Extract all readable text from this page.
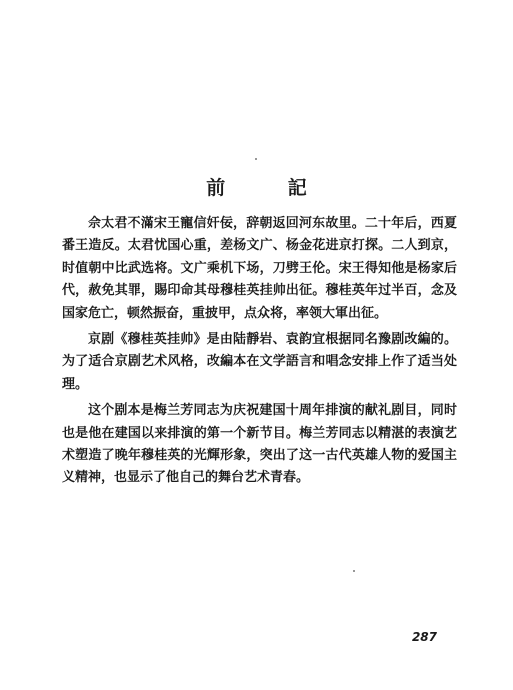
前 記

佘太君不滿宋王寵信奸佞，辞朝返回河东故里。二十年后，西夏番王造反。太君忧国心重，差杨文广、杨金花进京打探。二人到京，时值朝中比武选将。文广乘机下场，刀劈王伦。宋王得知他是杨家后代，赦免其罪，賜印命其母穆桂英挂帅出征。穆桂英年过半百，念及国家危亡，顿然振奋，重披甲，点众将，率领大軍出征。

京剧《穆桂英挂帅》是由陆靜岩、袁韵宜根据同名豫剧改編的。为了适合京剧艺术风格，改編本在文学語言和唱念安排上作了适当处理。

这个剧本是梅兰芳同志为庆祝建国十周年排演的献礼剧目，同时也是他在建国以来排演的第一个新节目。梅兰芳同志以精湛的表演艺术塑造了晚年穆桂英的光輝形象，突出了这一古代英雄人物的爱国主义精神，也显示了他自己的舞台艺术青春。

287
